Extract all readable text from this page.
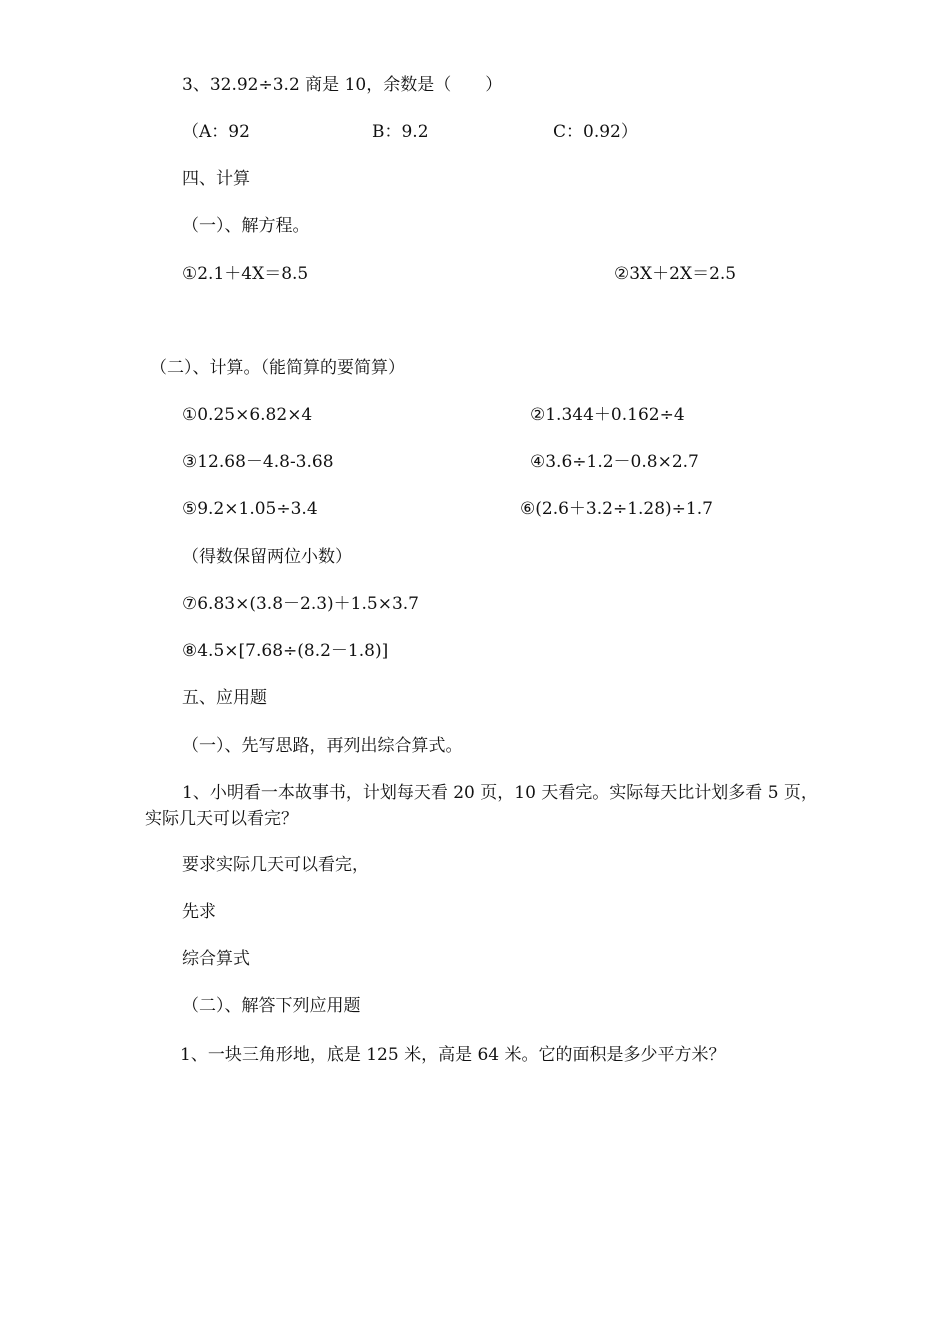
3、32.92÷3.2 商是 10，余数是（　　）
（A：92	B：9.2	C：0.92）
四、计算
（一）、解方程。
①2.1＋4X＝8.5	②3X＋2X＝2.5
（二）、计算。（能简算的要简算）
①0.25×6.82×4	②1.344＋0.162÷4
③12.68－4.8-3.68	④3.6÷1.2－0.8×2.7
⑤9.2×1.05÷3.4	⑥(2.6＋3.2÷1.28)÷1.7
（得数保留两位小数）
⑦6.83×(3.8－2.3)＋1.5×3.7
⑧4.5×[7.68÷(8.2－1.8)]
五、应用题
（一）、先写思路，再列出综合算式。
1、小明看一本故事书，计划每天看 20 页，10 天看完。实际每天比计划多看 5 页，实际几天可以看完？
要求实际几天可以看完，
先求
综合算式
（二）、解答下列应用题
1、一块三角形地，底是 125 米，高是 64 米。它的面积是多少平方米？
